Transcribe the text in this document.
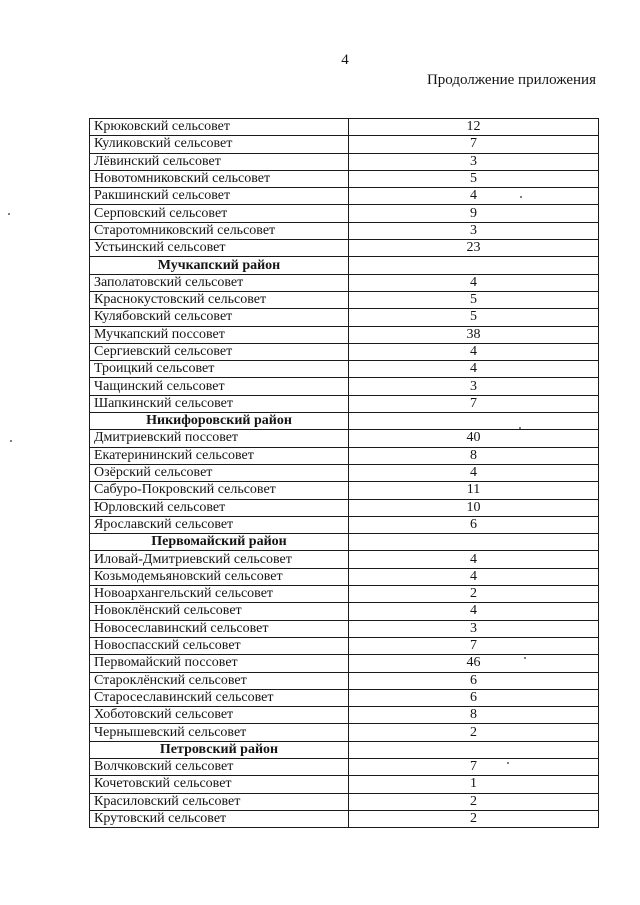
4
Продолжение приложения
Крюковский сельсовет	12
Куликовский сельсовет	7
Лёвинский сельсовет	3
Новотомниковский сельсовет	5
Ракшинский сельсовет	4
Серповский сельсовет	9
Старотомниковский сельсовет	3
Устьинский сельсовет	23
Мучкапский район	
Заполатовский сельсовет	4
Краснокустовский сельсовет	5
Кулябовский сельсовет	5
Мучкапский поссовет	38
Сергиевский сельсовет	4
Троицкий сельсовет	4
Чащинский сельсовет	3
Шапкинский сельсовет	7
Никифоровский район	
Дмитриевский поссовет	40
Екатерининский сельсовет	8
Озёрский сельсовет	4
Сабуро-Покровский сельсовет	11
Юрловский сельсовет	10
Ярославский сельсовет	6
Первомайский район	
Иловай-Дмитриевский сельсовет	4
Козьмодемьяновский сельсовет	4
Новоархангельский сельсовет	2
Новоклёнский сельсовет	4
Новосеславинский сельсовет	3
Новоспасский сельсовет	7
Первомайский поссовет	46
Староклёнский сельсовет	6
Старосеславинский сельсовет	6
Хоботовский сельсовет	8
Чернышевский сельсовет	2
Петровский район	
Волчковский сельсовет	7
Кочетовский сельсовет	1
Красиловский сельсовет	2
Крутовский сельсовет	2
